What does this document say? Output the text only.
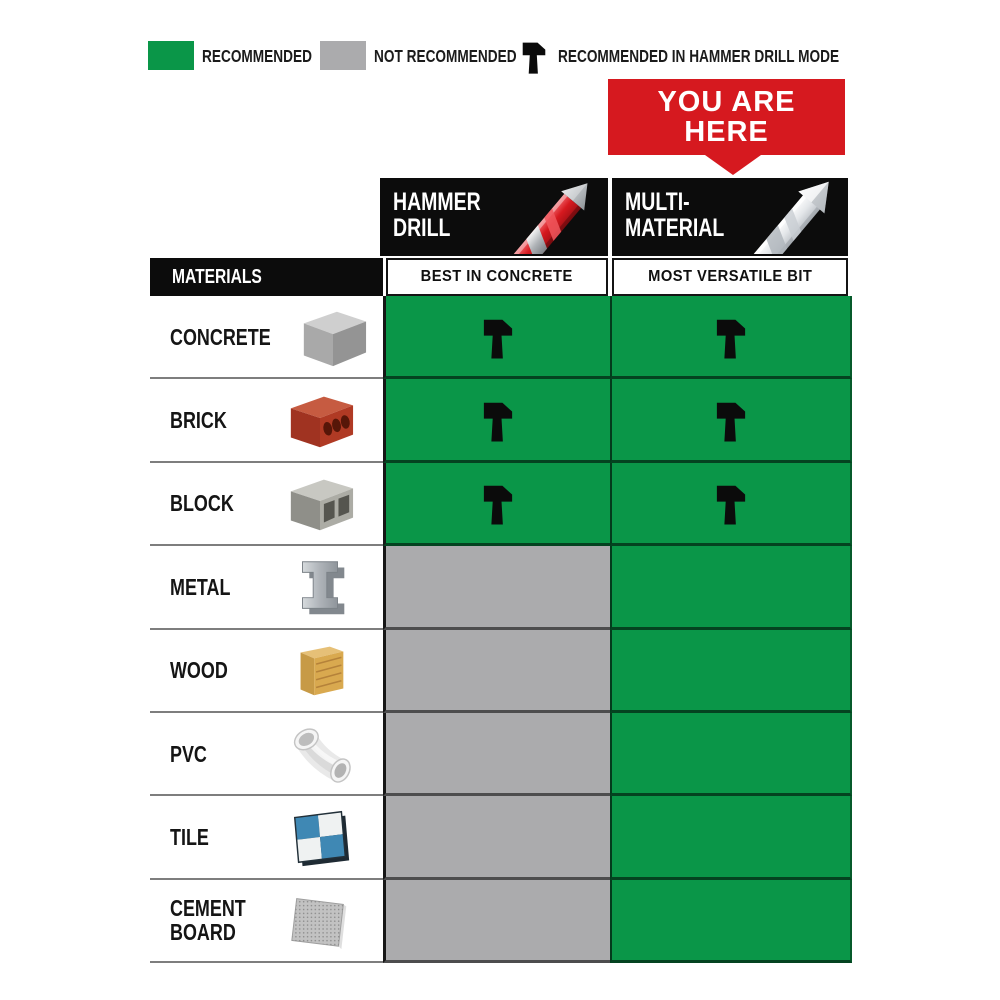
RECOMMENDED	NOT RECOMMENDED	RECOMMENDED IN HAMMER DRILL MODE
YOU ARE
HERE
HAMMER
DRILL
MULTI-
MATERIAL
MATERIALS	BEST IN CONCRETE	MOST VERSATILE BIT
CONCRETE
BRICK
BLOCK
METAL
WOOD
PVC
TILE
CEMENT BOARD
